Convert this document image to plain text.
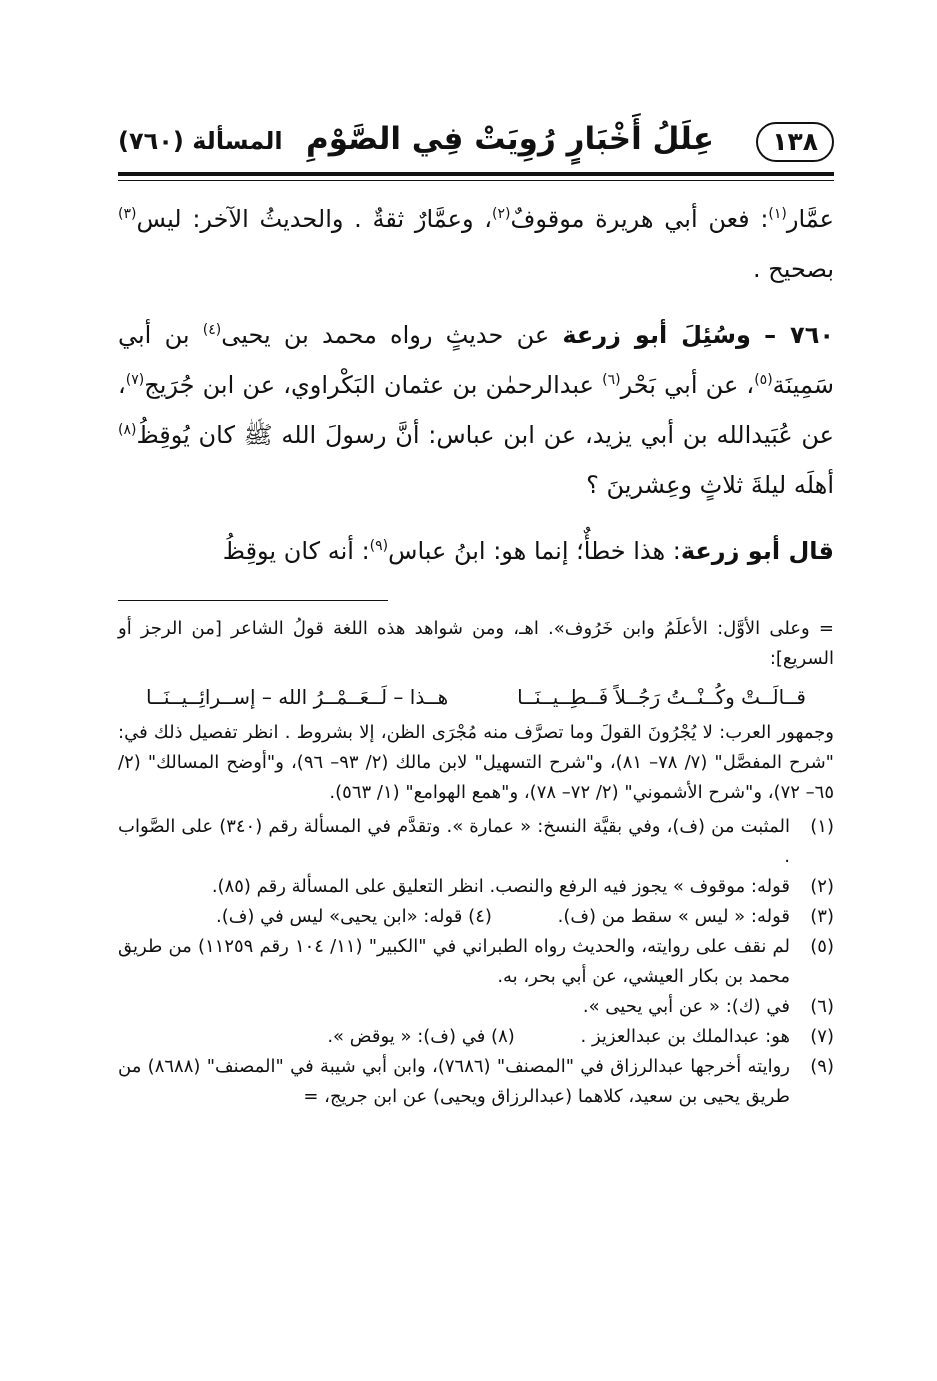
١٣٨
عِلَلُ أَخْبَارٍ رُوِيَتْ فِي الصَّوْمِ
المسألة (٧٦٠)

عمَّار$^{(١)}$: فعن أبي هريرة موقوفٌ$^{(٢)}$، وعمَّارٌ ثقةٌ . والحديثُ الآخر: ليس$^{(٣)}$ بصحيح .

٧٦٠ – وسُئِلَ أبو زرعة عن حديثٍ رواه محمد بن يحيى$^{(٤)}$ بن أبي سَمِينَة$^{(٥)}$، عن أبي بَحْر$^{(٦)}$ عبدالرحمٰن بن عثمان البَكْراوي، عن ابن جُرَيج$^{(٧)}$، عن عُبَيدالله بن أبي يزيد، عن ابن عباس: أنَّ رسولَ الله ﷺ كان يُوقِظُ$^{(٨)}$ أهلَه ليلةَ ثلاثٍ وعِشرينَ ؟

قال أبو زرعة: هذا خطأٌ؛ إنما هو: ابنُ عباس$^{(٩)}$: أنه كان يوقِظُ

= وعلى الأوَّل: الأعلَمُ وابن خَرُوف». اهـ، ومن شواهد هذه اللغة قولُ الشاعر [من الرجز أو السريع]:

قــالَــتْ وكُــنْــتُ رَجُــلاً فَــطِــيــنَــا
هــذا – لَــعَــمْــرُ الله – إســرائِــيــنَــا

وجمهور العرب: لا يُجْرُونَ القولَ وما تصرَّف منه مُجْرَى الظن، إلا بشروط . انظر تفصيل ذلك في: "شرح المفصَّل" (٧/ ٧٨– ٨١)، و"شرح التسهيل" لابن مالك (٢/ ٩٣– ٩٦)، و"أوضح المسالك" (٢/ ٦٥– ٧٢)، و"شرح الأشموني" (٢/ ٧٢– ٧٨)، و"همع الهوامع" (١/ ٥٦٣).

(١)
المثبت من (ف)، وفي بقيَّة النسخ: « عمارة ». وتقدَّم في المسألة رقم (٣٤٠) على الصَّواب .
(٢)
قوله: موقوف » يجوز فيه الرفع والنصب. انظر التعليق على المسألة رقم (٨٥).
(٣)
قوله: « ليس » سقط من (ف). (٤) قوله: «ابن يحيى» ليس في (ف).
(٥)
لم نقف على روايته، والحديث رواه الطبراني في "الكبير" (١١/ ١٠٤ رقم ١١٢٥٩) من طريق محمد بن بكار العيشي، عن أبي بحر، به.
(٦)
في (ك): « عن أبي يحيى ».
(٧)
هو: عبدالملك بن عبدالعزيز . (٨) في (ف): « يوقض ».
(٩)
روايته أخرجها عبدالرزاق في "المصنف" (٧٦٨٦)، وابن أبي شيبة في "المصنف" (٨٦٨٨) من طريق يحيى بن سعيد، كلاهما (عبدالرزاق ويحيى) عن ابن جريج، =
